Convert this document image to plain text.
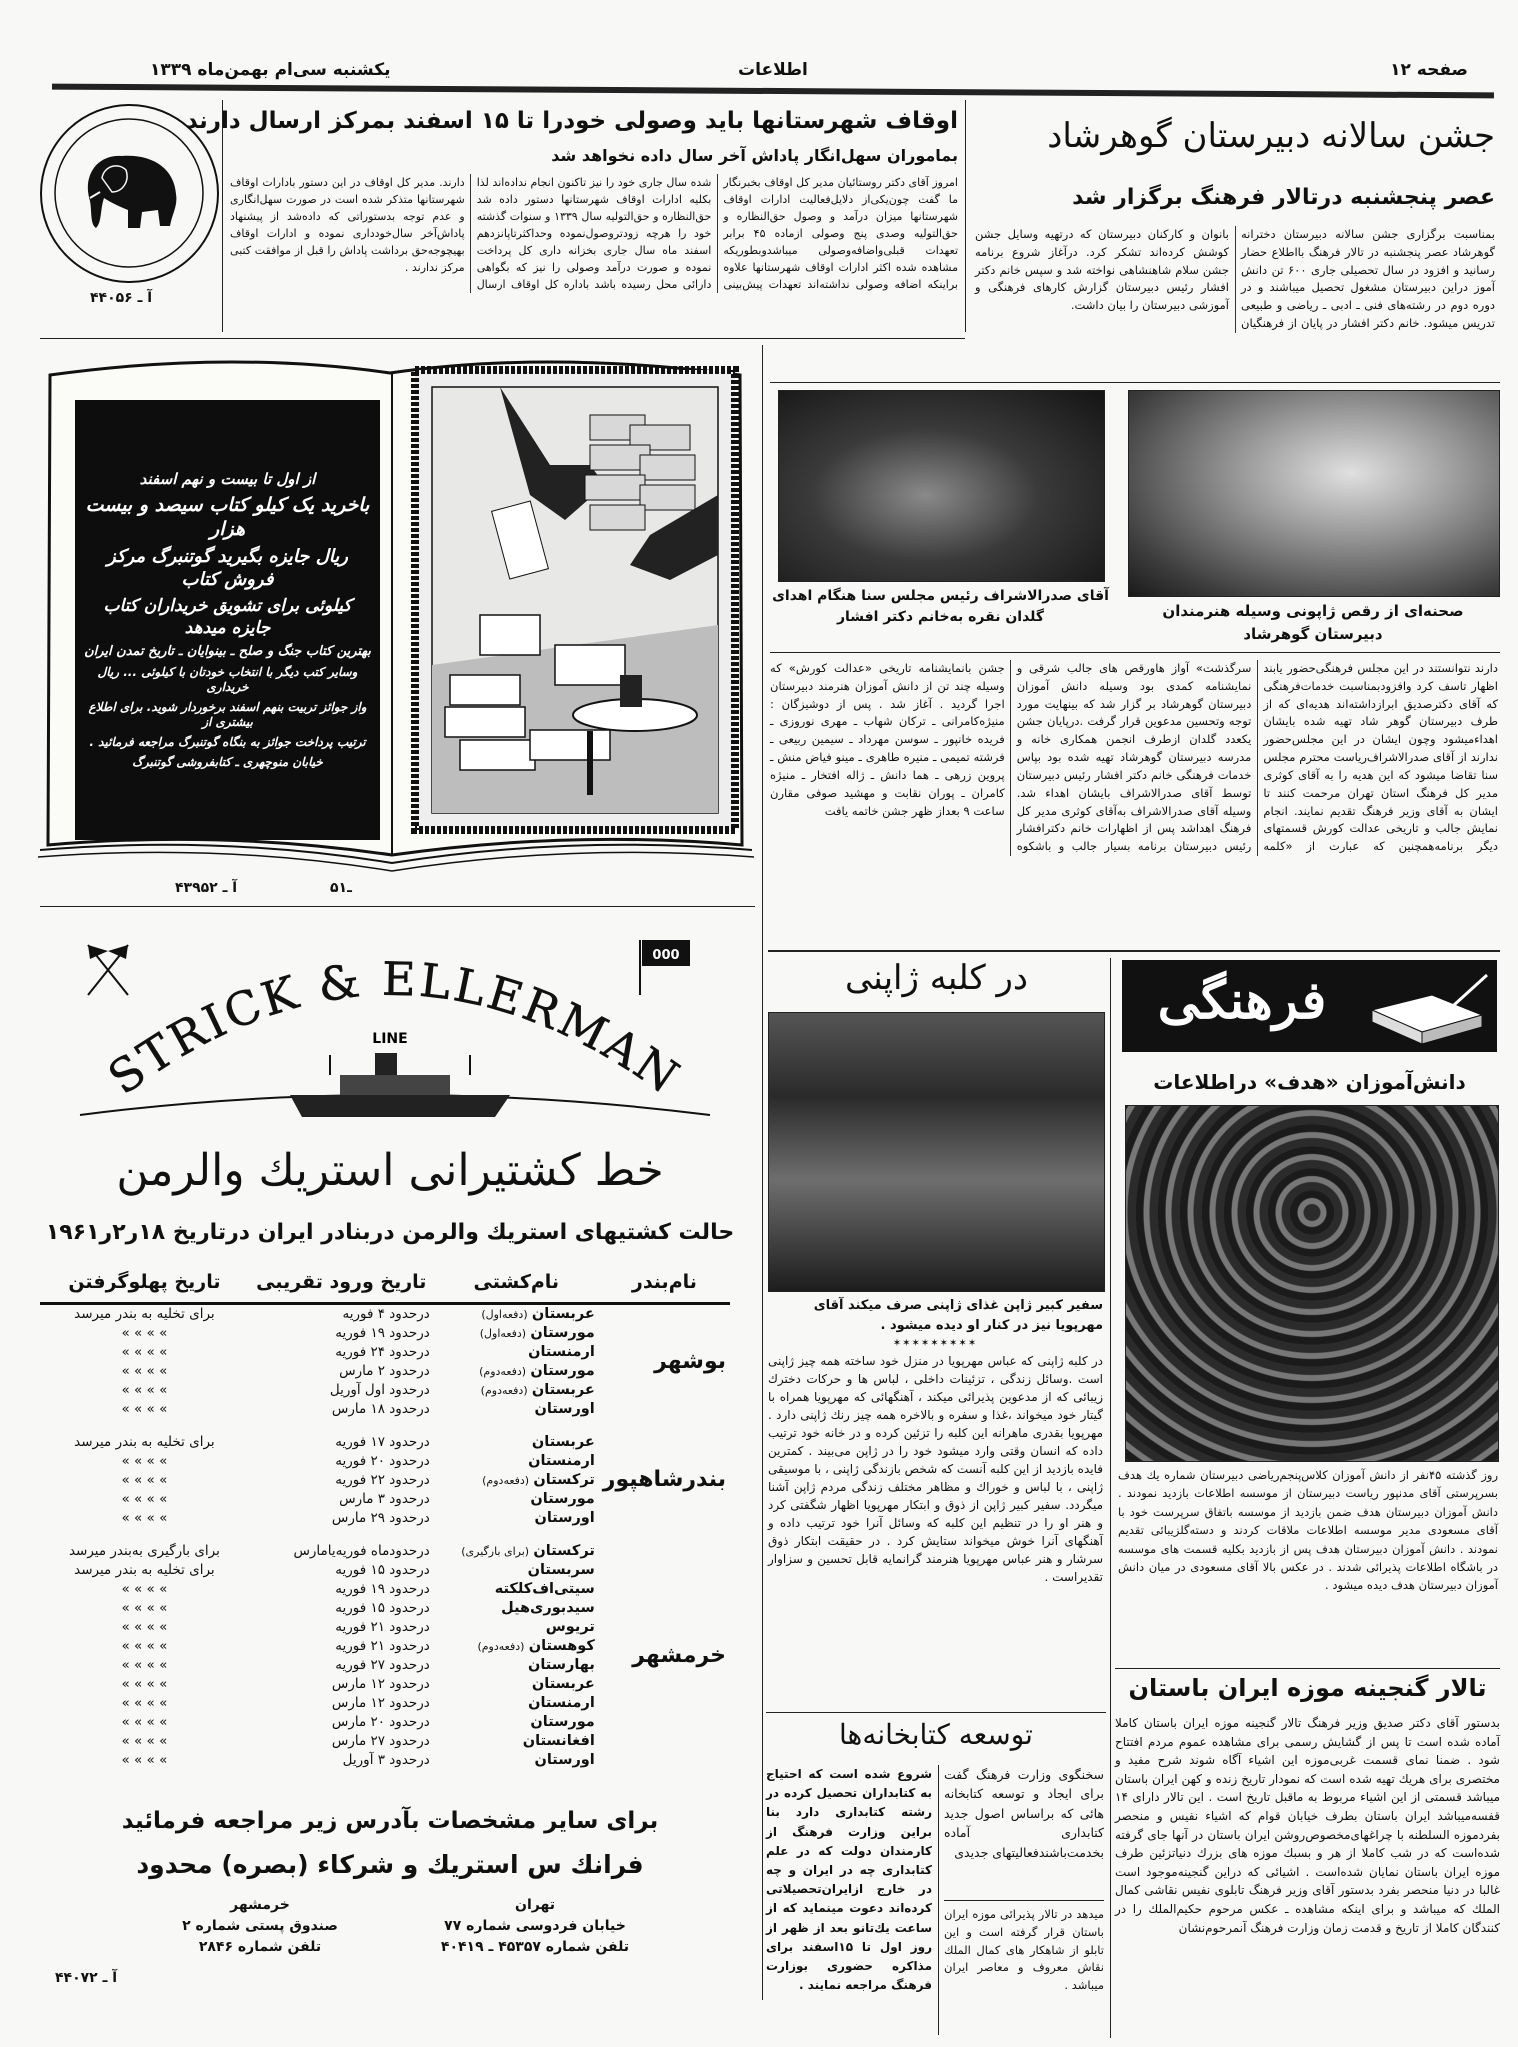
یکشنبه سی‌ام بهمن‌ماه ۱۳۳۹	اطلاعات	صفحه ۱۲
آ ـ ۴۴۰۵۶
اوقاف شهرستانها باید وصولی خودرا تا ۱۵ اسفند بمرکز ارسال دارند
بماموران سهل‌انگار پاداش آخر سال داده نخواهد شد
امروز آقای دکتر روستائیان مدیر کل اوقاف بخبرنگار ما گفت چون‌یکی‌از دلایل‌فعالیت ادارات اوقاف شهرستانها میزان درآمد و وصول حق‌النظاره و حق‌التولیه وصدی پنج وصولی ازماده ۴۵ برابر تعهدات قبلی‌واضافه‌وصولی میباشدوبطوریکه مشاهده شده اکثر ادارات اوقاف شهرستانها علاوه براینکه اضافه وصولی نداشته‌اند تعهدات پیش‌بینی شده سال جاری خود را نیز تاکنون انجام نداده‌اند لذا بکلیه ادارات اوقاف شهرستانها دستور داده شد حق‌النظاره و حق‌التولیه سال ۱۳۳۹ و سنوات گذشته خود را هرچه زودتروصول‌نموده وحداکثرتاپانزدهم اسفند ماه سال جاری بخزانه داری کل پرداخت نموده و صورت درآمد وصولی را نیز که بگواهی دارائی محل رسیده باشد باداره کل اوقاف ارسال دارند. مدیر کل اوقاف در این دستور بادارات اوقاف شهرستانها متذکر شده است در صورت سهل‌انگاری و عدم توجه بدستوراتی که داده‌شد از پیشنهاد پاداش‌آخر سال‌خودداری نموده و ادارات اوقاف بهیچوجه‌حق برداشت پاداش را قبل از موافقت کتبی مرکز ندارند .
از اول تا بیست و نهم اسفند
باخرید یک کیلو کتاب سیصد و بیست هزار
ریال جایزه بگیرید گوتنبرگ مرکز فروش کتاب
کیلوئی برای تشویق خریداران کتاب جایزه میدهد
بهترین کتاب جنگ و صلح ـ بینوایان ـ تاریخ تمدن ایران
وسایر کتب دیگر با انتخاب خودتان با کیلوئی ... ریال خریداری
واز جوائز تربیت بنهم اسفند برخوردار شوید. برای اطلاع بیشتری از
ترتیب پرداخت جوائز به بنگاه گوتنبرگ مراجعه فرمائید .
خیابان منوچهری ـ کتابفروشی گوتنبرگ
آ ـ ۴۳۹۵۲	۵ـ۱
STRICK & ELLERMAN
LINE
000
خط کشتیرانی استریك والرمن
حالت کشتیهای استریك والرمن دربنادر ایران درتاریخ ۱۸ر۲ر۱۹۶۱
نام‌بندر	نام‌کشتی	تاریخ ورود تقریبی	تاریخ پهلوگرفتن
بوشهر	عربستان (دفعه‌اول)	درحدود ۴ فوریه	برای تخلیه به بندر میرسد
	مورستان (دفعه‌اول)	درحدود ۱۹ فوریه	» » » »
	ارمنستان	درحدود ۲۴ فوریه	» » » »
	مورستان (دفعه‌دوم)	درحدود ۲ مارس	» » » »
	عربستان (دفعه‌دوم)	درحدود اول آوریل	» » » »
	اورستان	درحدود ۱۸ مارس	» » » »

بندرشاهپور	عربستان	درحدود ۱۷ فوریه	برای تخلیه به بندر میرسد
	ارمنستان	درحدود ۲۰ فوریه	» » » »
	ترکستان (دفعه‌دوم)	درحدود ۲۲ فوریه	» » » »
	مورستان	درحدود ۳ مارس	» » » »
	اورستان	درحدود ۲۹ مارس	» » » »

خرمشهر	ترکستان (برای بارگیری)	درحدودماه فوریه‌یامارس	برای بارگیری به‌بندر میرسد
	سربستان	درحدود ۱۵ فوریه	برای تخلیه به بندر میرسد
	سیتی‌اف‌کلکته	درحدود ۱۹ فوریه	» » » »
	سیدبوری‌هیل	درحدود ۱۵ فوریه	» » » »
	تریوس	درحدود ۲۱ فوریه	» » » »
	کوهستان (دفعه‌دوم)	درحدود ۲۱ فوریه	» » » »
	بهارستان	درحدود ۲۷ فوریه	» » » »
	عربستان	درحدود ۱۲ مارس	» » » »
	ارمنستان	درحدود ۱۲ مارس	» » » »
	مورستان	درحدود ۲۰ مارس	» » » »
	افغانستان	درحدود ۲۷ مارس	» » » »
	اورستان	درحدود ۳ آوریل	» » » »
برای سایر مشخصات بآدرس زیر مراجعه فرمائید
فرانك س استریك و شرکاء (بصره) محدود
تهران
خیابان فردوسی شماره ۷۷
تلفن شماره ۴۵۳۵۷ ـ ۴۰۴۱۹
خرمشهر
صندوق پستی شماره ۲
تلفن شماره ۲۸۴۶
آ ـ ۴۴۰۷۲
جشن سالانه دبیرستان گوهرشاد
عصر پنجشنبه درتالار فرهنگ برگزار شد

بمناسبت برگزاری جشن سالانه دبیرستان دخترانه گوهرشاد عصر پنجشنبه در تالار فرهنگ بااطلاع حضار رسانید و افزود در سال تحصیلی جاری ۶۰۰ تن دانش آموز دراین دبیرستان مشغول تحصیل میباشند و در دوره دوم در رشته‌های فنی ـ ادبی ـ ریاضی و طبیعی تدریس میشود. خانم دکتر افشار در پایان از فرهنگیان بانوان و کارکنان دبیرستان که درتهیه وسایل جشن کوشش کرده‌اند تشکر کرد. درآغاز شروع برنامه جشن سلام شاهنشاهی نواخته شد و سپس خانم دکتر افشار رئیس دبیرستان گزارش کارهای فرهنگی و آموزشی دبیرستان را بیان داشت.

آقای صدرالاشراف رئیس مجلس سنا هنگام اهدای گلدان نقره به‌خانم دکتر افشار	صحنه‌ای از رقص ژاپونی وسیله هنرمندان دبیرستان گوهرشاد

دارند نتوانستند در این مجلس فرهنگی‌حضور یابند اظهار تاسف کرد وافزودبمناسبت خدمات‌فرهنگی که آقای دکترصدیق ابرازداشته‌اند هدیه‌ای که از طرف دبیرستان گوهر شاد تهیه شده بایشان اهداءمیشود وچون ایشان در این مجلس‌حضور ندارند از آقای صدرالاشراف‌ریاست محترم مجلس سنا تقاضا میشود که این هدیه را به آقای کوثری مدیر کل فرهنگ استان تهران مرحمت کنند تا ایشان به آقای وزیر فرهنگ تقدیم نمایند. انجام نمایش جالب و تاریخی عدالت کورش قسمتهای دیگر برنامه‌همچنین که عبارت از «کلمه سرگذشت» آواز هاورقص های جالب شرقی و نمایشنامه کمدی بود وسیله دانش آموزان دبیرستان گوهرشاد بر گزار شد که بینهایت مورد توجه وتحسین مدعوین قرار گرفت .درپایان جشن یکعدد گلدان ازطرف انجمن همکاری خانه و مدرسه دبیرستان گوهرشاد تهیه شده بود بپاس خدمات فرهنگی خانم دکتر افشار رئیس دبیرستان توسط آقای صدرالاشراف بایشان اهداء شد. وسیله آقای صدرالاشراف به‌آقای کوثری مدیر کل فرهنگ اهداشد پس از اظهارات خانم دکترافشار رئیس دبیرستان برنامه بسیار جالب و باشکوه جشن بانمایشنامه تاریخی «عدالت کورش» که وسیله چند تن از دانش آموزان هنرمند دبیرستان اجرا گردید . آغاز شد . پس از دوشیزگان : منیژه‌کامرانی ـ ترکان شهاب ـ مهری نوروزی ـ فریده خانپور ـ سوسن مهرداد ـ سیمین ربیعی ـ فرشته تمیمی ـ منیره طاهری ـ مینو فیاض منش ـ پروین زرهی ـ هما دانش ـ ژاله افتخار ـ منیژه کامران ـ پوران نقابت و مهشید صوفی مقارن ساعت ۹ بعداز ظهر جشن خاتمه یافت

در کلبه ژاپنی
سفیر کبیر ژاپن غذای ژاپنی صرف میکند آقای مهرپویا نیز در کنار او دیده میشود .
✶✶✶✶✶✶✶✶✶

در کلبه ژاپنی که عباس مهرپویا در منزل خود ساخته همه چیز ژاپنی است .وسائل زندگی ، تزئینات داخلی ، لباس ها و حرکات دخترك زیبائی که از مدعوین پذیرائی میکند ، آهنگهائی که مهرپویا همراه با گیتار خود میخواند ،غذا و سفره و بالاخره همه چیز رنك ژاپنی دارد . مهرپویا بقدری ماهرانه این کلبه را تزئین کرده و در خانه خود ترتیب داده که انسان وقتی وارد میشود خود را در ژاپن می‌بیند . کمترین فایده بازدید از این کلبه آنست که شخص بازندگی ژاپنی ، با موسیقی ژاپنی ، با لباس و خوراك و مظاهر مختلف زندگی مردم ژاپن آشنا میگردد. سفیر کبیر ژاپن از ذوق و ابتکار مهرپویا اظهار شگفتی کرد و هنر او را در تنظیم این کلبه که وسائل آنرا خود ترتیب داده و آهنگهای آنرا خوش میخواند ستایش کرد . در حقیقت ابتکار ذوق سرشار و هنر عباس مهرپویا هنرمند گرانمایه قابل تحسین و سزاوار تقدیراست .

توسعه کتابخانه‌ها

سخنگوی وزارت فرهنگ گفت برای ایجاد و توسعه کتابخانه هائی که براساس اصول جدید کتابداری آماده بخدمت‌باشندفعالیتهای جدیدی

میدهد در تالار پذیرائی موزه ایران باستان قرار گرفته است و این تابلو از شاهکار های کمال الملك نقاش معروف و معاصر ایران میباشد .

شروع شده است که احتیاج به کتابداران تحصیل کرده در رشته کتابداری دارد بنا براین وزارت فرهنگ از کارمندان دولت که در علم کتابداری چه در ایران و چه در خارج ازایران‌تحصیلاتی کرده‌اند دعوت مینماید که از ساعت یك‌تانو بعد از ظهر از روز اول تا ۱۵اسفند برای مذاکره حضوری بوزارت فرهنگ مراجعه نمایند .

فرهنگی
دانش‌آموزان «هدف» دراطلاعات

روز گذشته ۴۵نفر از دانش آموزان کلاس‌پنجم‌ریاضی دبیرستان شماره یك هدف بسرپرستی آقای مدنپور ریاست دبیرستان از موسسه اطلاعات بازدید نمودند . دانش آموزان دبیرستان هدف ضمن بازدید از موسسه باتفاق سرپرست خود با آقای مسعودی مدیر موسسه اطلاعات ملاقات کردند و دسته‌گلزیبائی تقدیم نمودند . دانش آموزان دبیرستان هدف پس از بازدید بکلیه قسمت های موسسه در باشگاه اطلاعات پذیرائی شدند . در عکس بالا آقای مسعودی در میان دانش آموزان دبیرستان هدف دیده میشود .

تالار گنجینه موزه ایران باستان

بدستور آقای دکتر صدیق وزیر فرهنگ تالار گنجینه موزه ایران باستان کاملا آماده شده است تا پس از گشایش رسمی برای مشاهده عموم مردم افتتاح شود . ضمنا نمای قسمت غربی‌موزه این اشیاء آگاه شوند شرح مفید و مختصری برای هریك تهیه شده است که نمودار تاریخ زنده و کهن ایران باستان میباشد قسمتی از این اشیاء مربوط به ماقبل تاریخ است . این تالار دارای ۱۴ قفسه‌میباشد ایران باستان بطرف خیابان قوام‌ که اشیاء نفیس و منحصر بفردموزه السلطنه با چراغهای‌مخصوص‌روشن ایران باستان در آنها جای گرفته شده‌است که در شب کاملا از هر و بسبك موزه های بزرك دنیاتزئین طرف موزه ایران باستان نمایان شده‌است . اشیائی که دراین گنجینه‌موجود است غالبا در دنیا منحصر بفرد بدستور آقای وزیر فرهنگ تابلوی نفیس نقاشی کمال الملك که میباشد و برای اینکه مشاهده ـ عکس مرحوم حکیم‌الملك را در کنندگان کاملا از تاریخ و قدمت زمان وزارت فرهنگ آنمرحوم‌نشان
